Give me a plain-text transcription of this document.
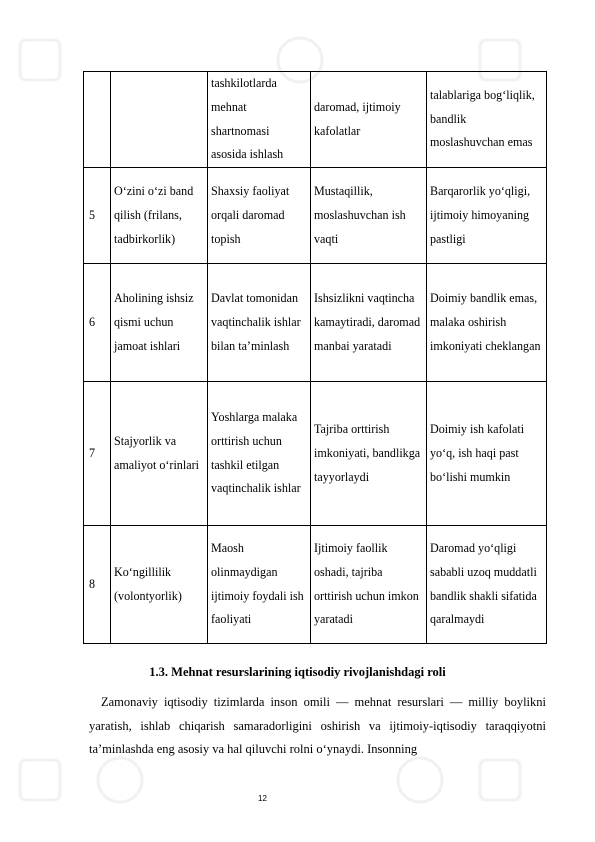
		tashkilotlarda mehnat shartnomasi asosida ishlash	daromad, ijtimoiy kafolatlar	talablariga bog‘liqlik, bandlik moslashuvchan emas
5	O‘zini o‘zi band qilish (frilans, tadbirkorlik)	Shaxsiy faoliyat orqali daromad topish	Mustaqillik, moslashuvchan ish vaqti	Barqarorlik yo‘qligi, ijtimoiy himoyaning pastligi
6	Aholining ishsiz qismi uchun jamoat ishlari	Davlat tomonidan vaqtinchalik ishlar bilan ta’minlash	Ishsizlikni vaqtincha kamaytiradi, daromad manbai yaratadi	Doimiy bandlik emas, malaka oshirish imkoniyati cheklangan
7	Stajyorlik va amaliyot o‘rinlari	Yoshlarga malaka orttirish uchun tashkil etilgan vaqtinchalik ishlar	Tajriba orttirish imkoniyati, bandlikga tayyorlaydi	Doimiy ish kafolati yo‘q, ish haqi past bo‘lishi mumkin
8	Ko‘ngillilik (volontyorlik)	Maosh olinmaydigan ijtimoiy foydali ish faoliyati	Ijtimoiy faollik oshadi, tajriba orttirish uchun imkon yaratadi	Daromad yo‘qligi sababli uzoq muddatli bandlik shakli sifatida qaralmaydi
1.3. Mehnat resurslarining iqtisodiy rivojlanishdagi roli
Zamonaviy iqtisodiy tizimlarda inson omili — mehnat resurslari — milliy boylikni yaratish, ishlab chiqarish samaradorligini oshirish va ijtimoiy-iqtisodiy taraqqiyotni ta’minlashda eng asosiy va hal qiluvchi rolni o‘ynaydi. Insonning
12
